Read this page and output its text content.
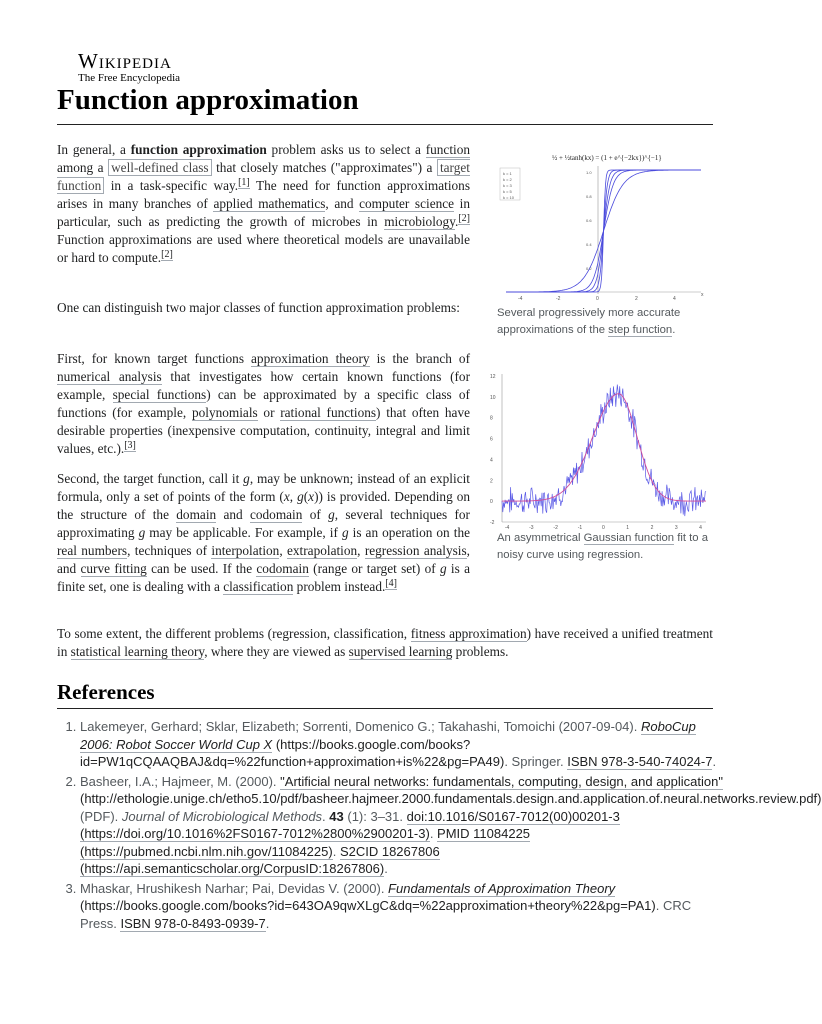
Wikipedia
The Free Encyclopedia
Function approximation

In general, a function approximation problem asks us to select a function among a well-defined class that closely matches ("approximates") a target function in a task-specific way.[1] The need for function approximations arises in many branches of applied mathematics, and computer science in particular, such as predicting the growth of microbes in microbiology.[2] Function approximations are used where theoretical models are unavailable or hard to compute.[2]

One can distinguish two major classes of function approximation problems:

First, for known target functions approximation theory is the branch of numerical analysis that investigates how certain known functions (for example, special functions) can be approximated by a specific class of functions (for example, polynomials or rational functions) that often have desirable properties (inexpensive computation, continuity, integral and limit values, etc.).[3]

Second, the target function, call it g, may be unknown; instead of an explicit formula, only a set of points of the form (x, g(x)) is provided. Depending on the structure of the domain and codomain of g, several techniques for approximating g may be applicable. For example, if g is an operation on the real numbers, techniques of interpolation, extrapolation, regression analysis, and curve fitting can be used. If the codomain (range or target set) of g is a finite set, one is dealing with a classification problem instead.[4]

To some extent, the different problems (regression, classification, fitness approximation) have received a unified treatment in statistical learning theory, where they are viewed as supervised learning problems.

½ + ½tanh(kx) = (1 + e^{−2kx})^{−1}
k = 1
k = 2
k = 3
k = 5
k = 10
-4	-2	0	2	4
x
1.0
0.8
0.6
0.4
0.2
Several progressively more accurate approximations of the step function.
12
10
8
6
4
2
0
-2
-4	-3	-2	-1	0	1	2	3	4
An asymmetrical Gaussian function fit to a noisy curve using regression.
References
1. Lakemeyer, Gerhard; Sklar, Elizabeth; Sorrenti, Domenico G.; Takahashi, Tomoichi (2007-09-04). RoboCup 2006: Robot Soccer World Cup X (https://books.google.com/books?id=PW1qCQAAQBAJ&dq=%22function+approximation+is%22&pg=PA49). Springer. ISBN 978-3-540-74024-7.
2. Basheer, I.A.; Hajmeer, M. (2000). "Artificial neural networks: fundamentals, computing, design, and application" (http://ethologie.unige.ch/etho5.10/pdf/basheer.hajmeer.2000.fundamentals.design.and.application.of.neural.networks.review.pdf) (PDF). Journal of Microbiological Methods. 43 (1): 3–31. doi:10.1016/S0167-7012(00)00201-3 (https://doi.org/10.1016%2FS0167-7012%2800%2900201-3). PMID 11084225 (https://pubmed.ncbi.nlm.nih.gov/11084225). S2CID 18267806 (https://api.semanticscholar.org/CorpusID:18267806).
3. Mhaskar, Hrushikesh Narhar; Pai, Devidas V. (2000). Fundamentals of Approximation Theory (https://books.google.com/books?id=643OA9qwXLgC&dq=%22approximation+theory%22&pg=PA1). CRC Press. ISBN 978-0-8493-0939-7.
